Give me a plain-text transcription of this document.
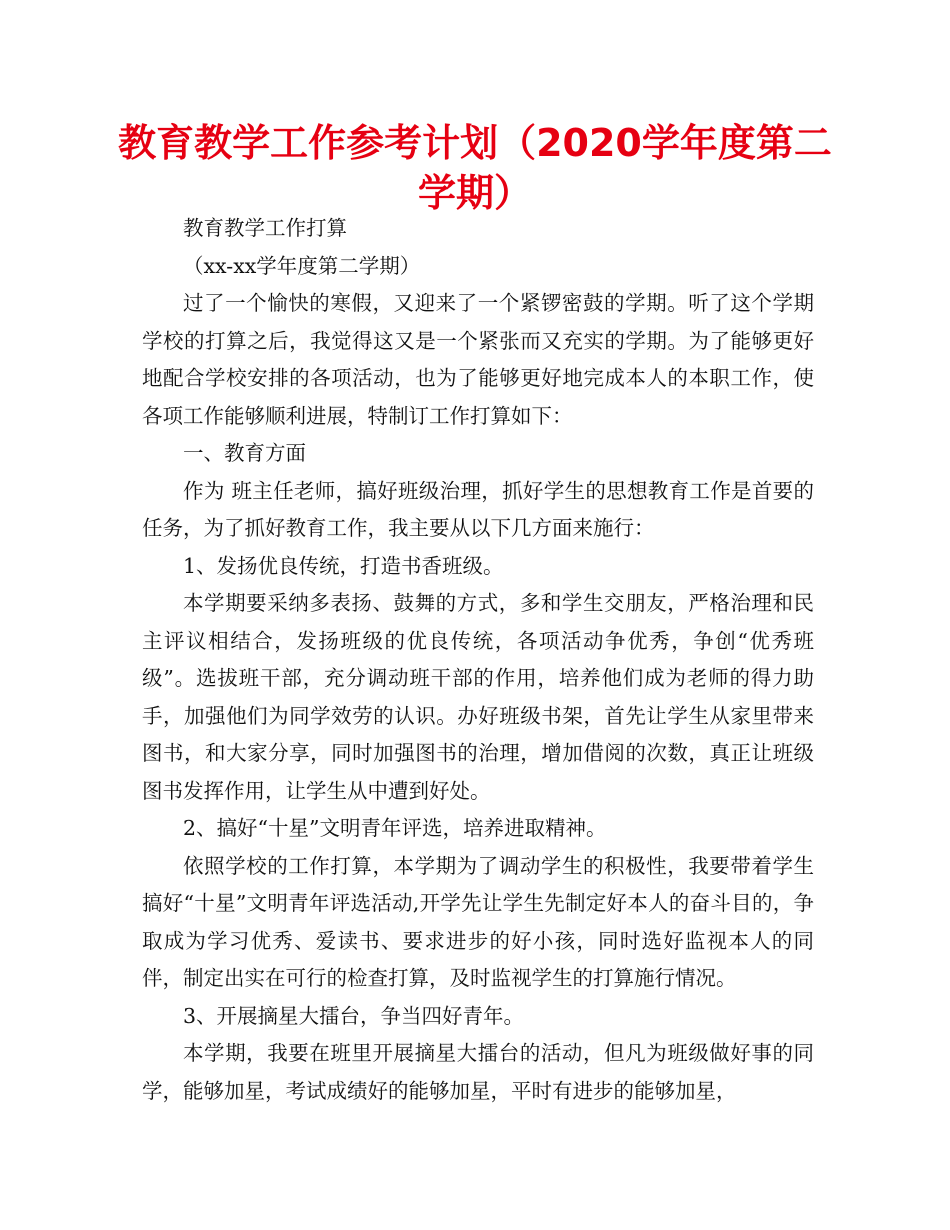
教育教学工作参考计划（2020学年度第二学期）

教育教学工作打算

（xx-xx学年度第二学期）

过了一个愉快的寒假，又迎来了一个紧锣密鼓的学期。听了这个学期学校的打算之后，我觉得这又是一个紧张而又充实的学期。为了能够更好地配合学校安排的各项活动，也为了能够更好地完成本人的本职工作，使各项工作能够顺利进展，特制订工作打算如下：

一、教育方面

作为 班主任老师，搞好班级治理，抓好学生的思想教育工作是首要的任务，为了抓好教育工作，我主要从以下几方面来施行：

1、发扬优良传统，打造书香班级。

本学期要采纳多表扬、鼓舞的方式，多和学生交朋友，严格治理和民主评议相结合，发扬班级的优良传统，各项活动争优秀，争创“优秀班级”。选拔班干部，充分调动班干部的作用，培养他们成为老师的得力助手，加强他们为同学效劳的认识。办好班级书架，首先让学生从家里带来图书，和大家分享，同时加强图书的治理，增加借阅的次数，真正让班级图书发挥作用，让学生从中遭到好处。

2、搞好“十星”文明青年评选，培养进取精神。

依照学校的工作打算，本学期为了调动学生的积极性，我要带着学生搞好“十星”文明青年评选活动,开学先让学生先制定好本人的奋斗目的，争取成为学习优秀、爱读书、要求进步的好小孩，同时选好监视本人的同伴，制定出实在可行的检查打算，及时监视学生的打算施行情况。

3、开展摘星大擂台，争当四好青年。

本学期，我要在班里开展摘星大擂台的活动，但凡为班级做好事的同学，能够加星，考试成绩好的能够加星，平时有进步的能够加星，
